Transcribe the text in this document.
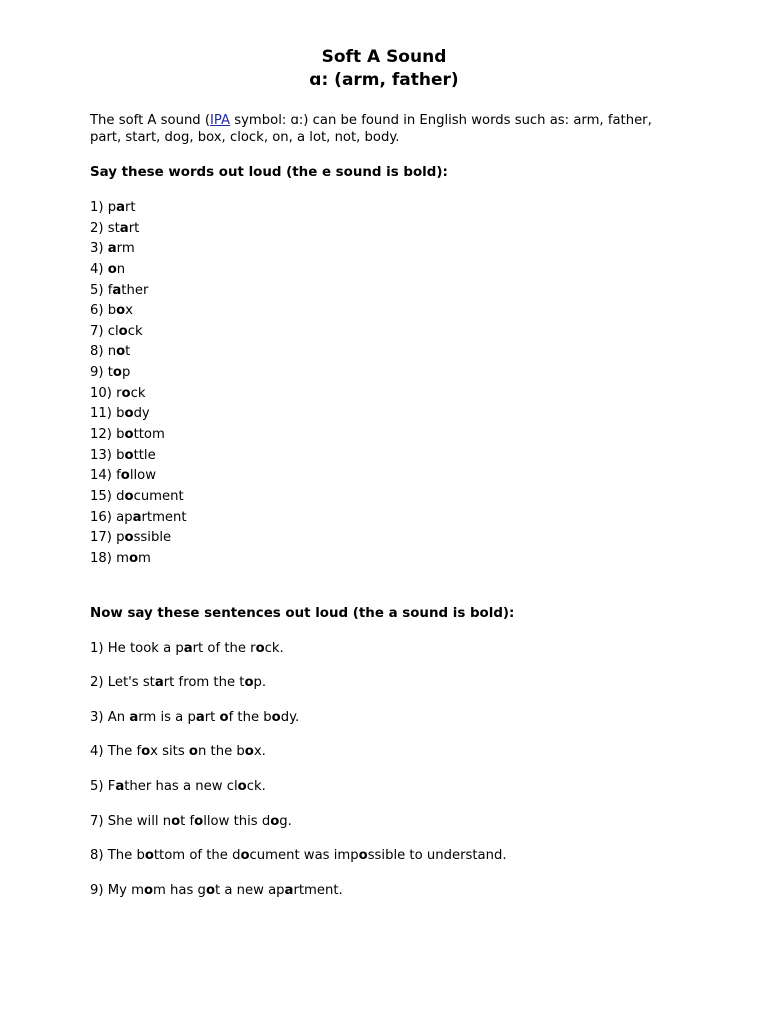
Soft A Sound
ɑ: (arm, father)
The soft A sound (IPA symbol: ɑ:) can be found in English words such as: arm, father, part, start, dog, box, clock, on, a lot, not, body.
Say these words out loud (the e sound is bold):
1) part
2) start
3) arm
4) on
5) father
6) box
7) clock
8) not
9) top
10) rock
11) body
12) bottom
13) bottle
14) follow
15) document
16) apartment
17) possible
18) mom
Now say these sentences out loud (the a sound is bold):
1) He took a part of the rock.
2) Let's start from the top.
3) An arm is a part of the body.
4) The fox sits on the box.
5) Father has a new clock.
7) She will not follow this dog.
8) The bottom of the document was impossible to understand.
9) My mom has got a new apartment.
